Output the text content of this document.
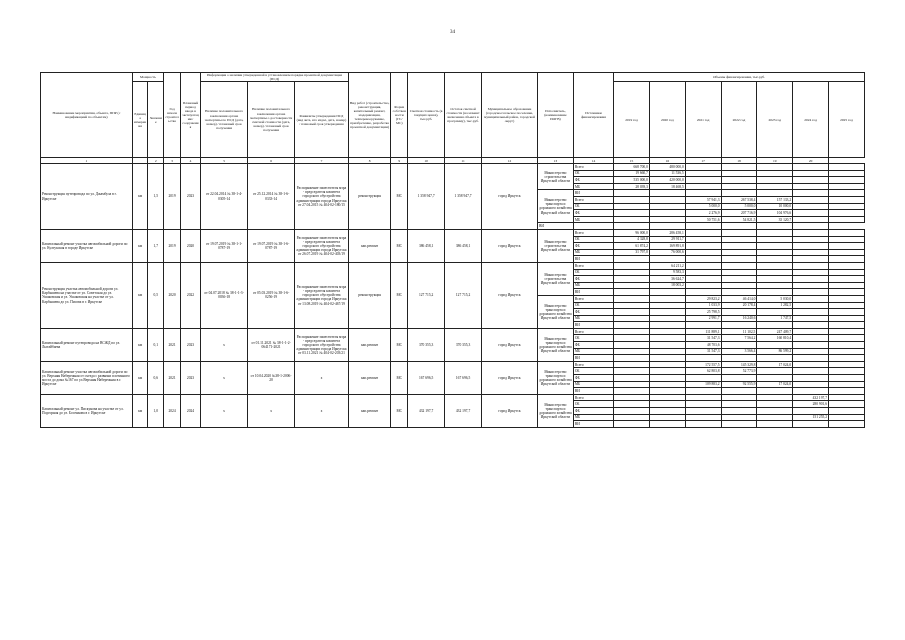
34
Наименование мероприятия, объекта, ППР (с индификацией по объектам)	Мощность		Год начала строительства	Плановый период ввода в эксплуатацию/ сооружения	Информация о наличии утвержденной в установленном порядке проектной документации (ПСД)			Вид работ (строительство, реконструкция, капитальный ремонт, модернизация, техперевооружение, приобретение, разработка проектной документации)	Форма собственности (ГС/ МС)	Сметная стоимость (в текущих ценах), тыс.руб.	Остаток сметной стоимости (на момент включения объекта в программу), тыс.руб.	Муниципальное образование (городское/сельское поселение, муниципальный район, городской округ)	Исполнитель, (наименование ИОГВ)	Источники финансирования	Объемы финансирования, тыс.руб.						
	Единица измерения	Значение			Наличие положительного заключения органа экспертизы по ПСД (дата, номер) / плановый срок получения	Наличие положительного заключения органа экспертизы о достоверности сметной стоимости (дата, номер) / плановый срок получения	Реквизиты утверждения ПСД (вид акта, кто издал, дата, номер) / плановый срок утверждения								2019 год	2020 год	2021 год	2022 год	2023 год	2024 год	2025 год
1		2	3	4	5	6	7	8	9	10	11	12	13	14	15	16	17	18	19	20	
Реконструкция путепровода по ул. Джамбула в г. Иркутске	км	1,5	2019	2023	от 22.04.2014 № 38-1-4-0305-14	от 25.12.2014 № 38-1-6-0333-14	Распоряжение заместителя мэра - председателя комитета городского обустройства администрации города Иркутска от 27.04.2015 № 404-02-180/15	реконструкция	МС	1 358 947,7	1 358 947,7	город Иркутск	Министерство строительства Иркутской области	Всего	668 700,0	480 000,0					
														ОБ	19 660,7	11 536,5					
														ФБ	535 000,0	420 000,0					
														МБ	28 039,3	18 468,5					
													Министерство транспорта и дорожного хозяйства Иркутской области	ВИ							
														Всего			57 941,3	267 538,4	157 133,2		
														ОБ			5 000,0	5 000,0	10 000,0		
														ФБ			2 276,9	207 716,9	104 976,6		
														МБ			50 751,6	54 821,5	35 120,7		
													ВИ								
Капитальный ремонт участка автомобильной дороги по ул. Култукская в городе Иркутске	км	1,7	2019	2020	от 19.07.2019 № 38-1-1-0787-19	от 19.07.2019 № 38-1-6-0787-19	Распоряжение заместителя мэра - председателя комитета городского обустройства администрации города Иркутска от 26.07.2019 № 404-02-403/19	кап.ремонт	МС	386 458,1	386 458,1	город Иркутск	Министерство строительства Иркутской области	Всего	96 000,0	286 458,1					
														ОБ	4 328,8	29 911,7					
														ФБ	61 874,2	169 891,8					
														МБ	31 797,0	76 000,6					
														ВИ							
Реконструкция участка автомобильной дороги ул. Карбышева на участке от ул. Советская до ул. Ушаковская и ул. Ушаковская на участке от ул. Карбышева до ул. Писова в г. Иркутске	км	0,5	2020	2022	от 04.07.2018 № 38-1-1-3-0036-18	от 05.03.2019 № 38-1-6-0256-19	Распоряжение заместителя мэра - председателя комитета городского обустройства администрации города Иркутска от 13.08.2019 № 404-02-467/19	реконструкция	МС	127 715,2	127 715,2	город Иркутск	Министерство строительства Иркутской области	Всего		64 211,2					
														ОБ		9 583,3					
														ФБ		36 624,7					
														МБ		18 003,2					
														ВИ							
													Министерство транспорта и дорожного хозяйства Иркутской области	Всего			29 823,2	46 414,0	5 030,0		
														ОБ			1 033,9	20 178,4	1 282,5		
														ФБ			25 798,5				
														МБ			2 991,7	16 240,6	1 747,5		
														ВИ							
Капитальный ремонт путепровода на ВСЖД по ул. Лытайбаева	км	0,1	2021	2023	х	от 01.11.2021 № 38-1-1-2-064171-2021	Распоряжение заместителя мэра - председателя комитета городского обустройства администрации города Иркутска от 03.11.2021 № 404-02-203/21	кап.ремонт	МС	370 355,3	370 355,3	город Иркутск	Министерство транспорта и дорожного хозяйства Иркутской области	Всего			111 889,1	11 102,5	247 409,7		
														ОБ			31 547,3	7 564,2	160 810,4		
														ФБ			48 703,6				
														МБ			31 547,3	3 566,4	86 599,2		
														ВИ							
Капитальный ремонт участка автомобильной дороги по ул. Верхняя Набережная от съезда с развязки плотинного моста до дома №167 по ул.Верхняя Набережная в г. Иркутске	км	0,6	2021	2023	х	от 10.04.2020 №38-1-2006-20	х	кап.ремонт	МС	167 696,5	167 696,5	город Иркутск	Министерство транспорта и дорожного хозяйства Иркутской области	Всего			172 557,5	145 329,8	17 024,0		
														ОБ			62 803,8	52 773,9			
														ФБ							
														МБ			109 883,2	92 555,9	17 024,0		
														ВИ							
Капитальный ремонт ул. Пискунова на участке от ул. Подгорная до ул. Босенкова в г. Иркутске	км	1,0	2024	2024	х	х	х	кап.ремонт	МС	432 197,7	432 197,7	город Иркутск	Министерство транспорта и дорожного хозяйства Иркутской области	Всего						432 197,7	
														ОБ						280 901,6	
														ФБ							
														МБ						151 255,2	
														ВИ							
